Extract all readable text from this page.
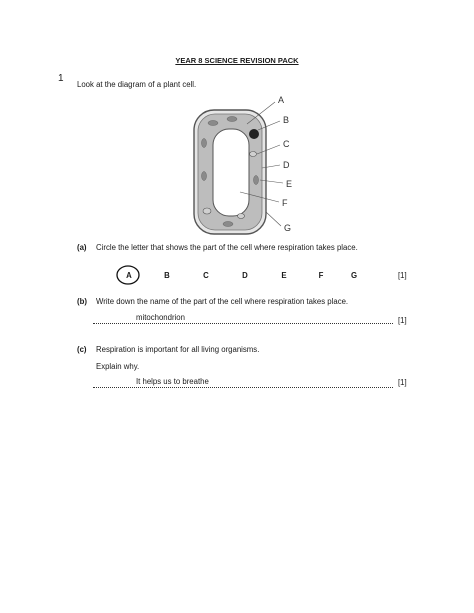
YEAR 8 SCIENCE REVISION PACK
1
Look at the diagram of a plant cell.
A
B
C
D
E
F
G
(a) Circle the letter that shows the part of the cell where respiration takes place.
A	B	C	D	E	F	G	[1]
(b) Write down the name of the part of the cell where respiration takes place.
mitochondrion	[1]
(c) Respiration is important for all living organisms.
Explain why.
It helps us to breathe	[1]
